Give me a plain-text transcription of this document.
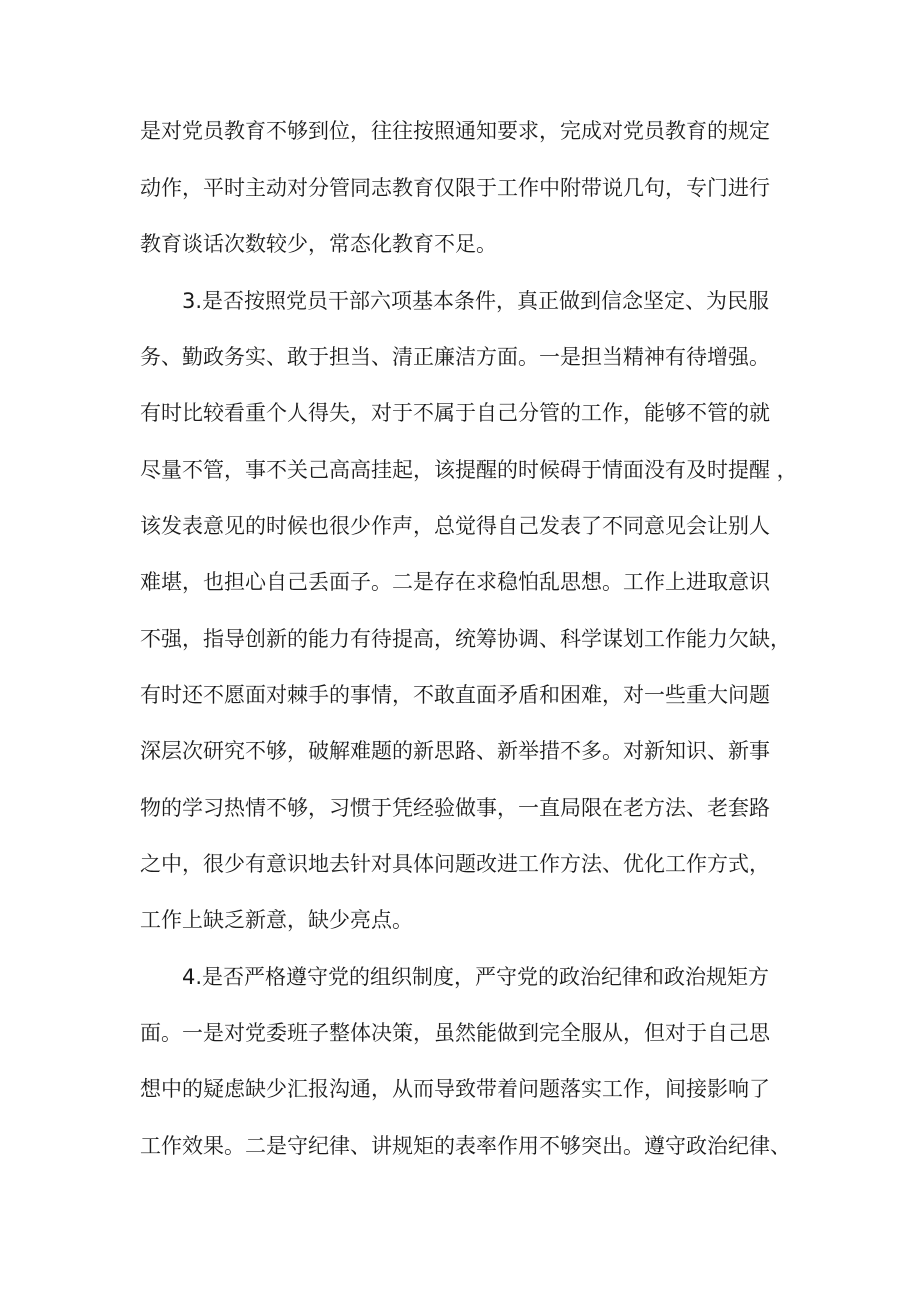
是对党员教育不够到位，往往按照通知要求，完成对党员教育的规定
动作，平时主动对分管同志教育仅限于工作中附带说几句，专门进行
教育谈话次数较少，常态化教育不足。
3.是否按照党员干部六项基本条件，真正做到信念坚定、为民服
务、勤政务实、敢于担当、清正廉洁方面。一是担当精神有待增强。
有时比较看重个人得失，对于不属于自己分管的工作，能够不管的就
尽量不管，事不关己高高挂起，该提醒的时候碍于情面没有及时提醒 ，
该发表意见的时候也很少作声，总觉得自己发表了不同意见会让别人
难堪，也担心自己丢面子。二是存在求稳怕乱思想。工作上进取意识
不强，指导创新的能力有待提高，统筹协调、科学谋划工作能力欠缺，
有时还不愿面对棘手的事情，不敢直面矛盾和困难，对一些重大问题
深层次研究不够，破解难题的新思路、新举措不多。对新知识、新事
物的学习热情不够，习惯于凭经验做事，一直局限在老方法、老套路
之中，很少有意识地去针对具体问题改进工作方法、优化工作方式，
工作上缺乏新意，缺少亮点。
4.是否严格遵守党的组织制度，严守党的政治纪律和政治规矩方
面。一是对党委班子整体决策，虽然能做到完全服从，但对于自己思
想中的疑虑缺少汇报沟通，从而导致带着问题落实工作，间接影响了
工作效果。二是守纪律、讲规矩的表率作用不够突出。遵守政治纪律、
